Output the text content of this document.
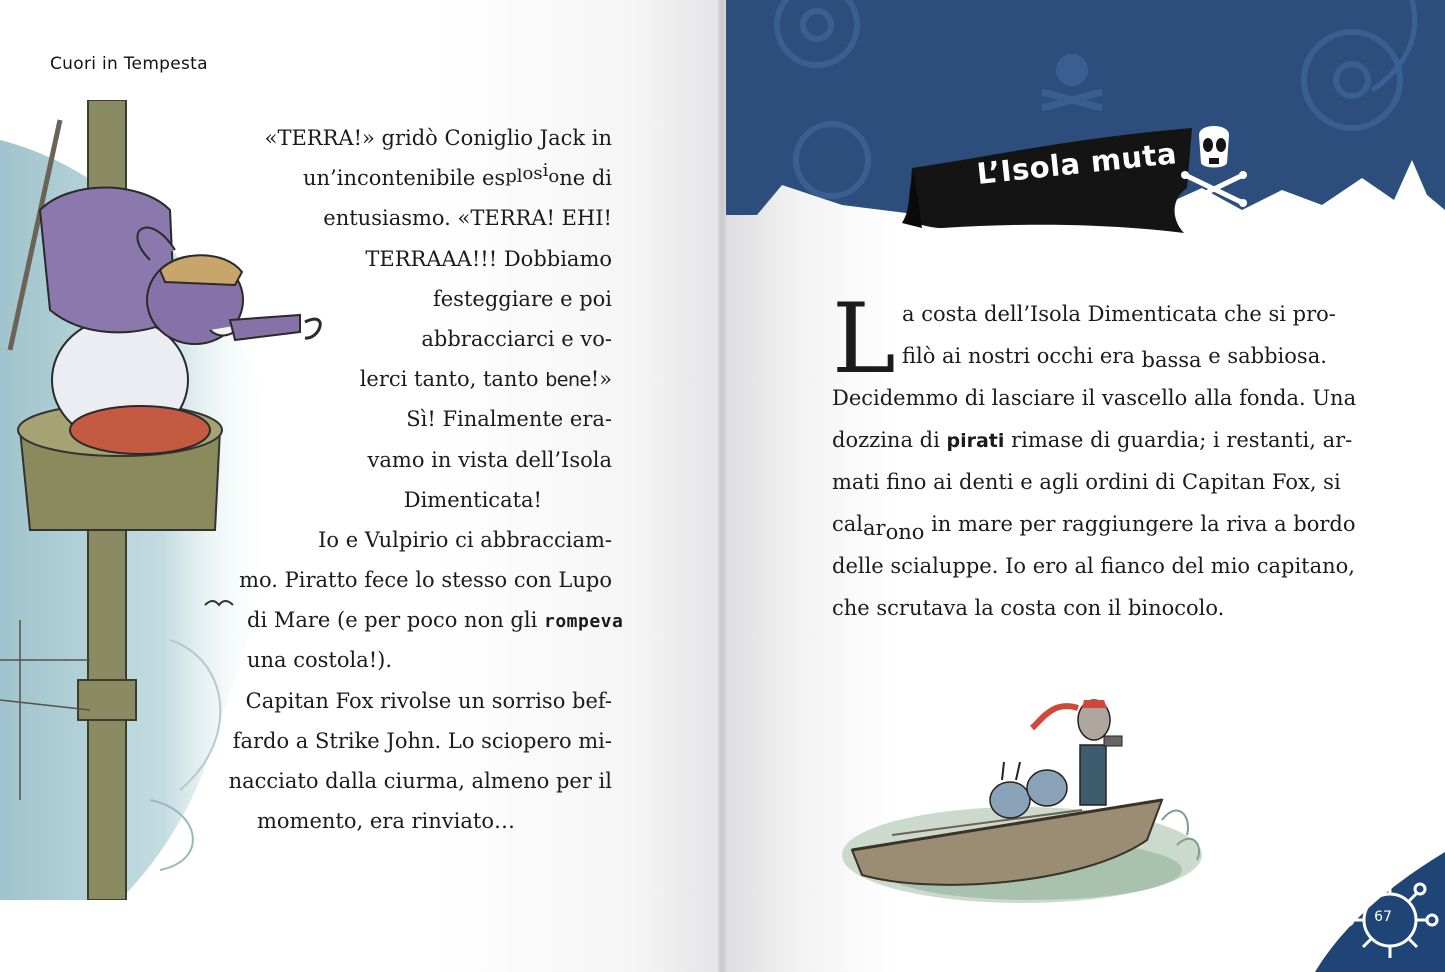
Cuori in Tempesta
«TERRA!» gridò Coniglio Jack in
un’incontenibile esplosione di
entusiasmo. «TERRA! EHI!
TERRAAA!!! Dobbiamo
festeggiare e poi
abbracciarci e vo-
lerci tanto, tanto bene!»
Sì! Finalmente era-
vamo in vista dell’Isola
Dimenticata!
Io e Vulpirio ci abbracciam-
mo. Piratto fece lo stesso con Lupo
di Mare (e per poco non gli rompeva
una costola!).
Capitan Fox rivolse un sorriso bef-
fardo a Strike John. Lo sciopero mi-
nacciato dalla ciurma, almeno per il
momento, era rinviato…
L’Isola muta
L a costa dell’Isola Dimenticata che si pro-
filò ai nostri occhi era bassa e sabbiosa.
Decidemmo di lasciare il vascello alla fonda. Una
dozzina di pirati rimase di guardia; i restanti, ar-
mati fino ai denti e agli ordini di Capitan Fox, si
calarono in mare per raggiungere la riva a bordo
delle scialuppe. Io ero al fianco del mio capitano,
che scrutava la costa con il binocolo.
67
